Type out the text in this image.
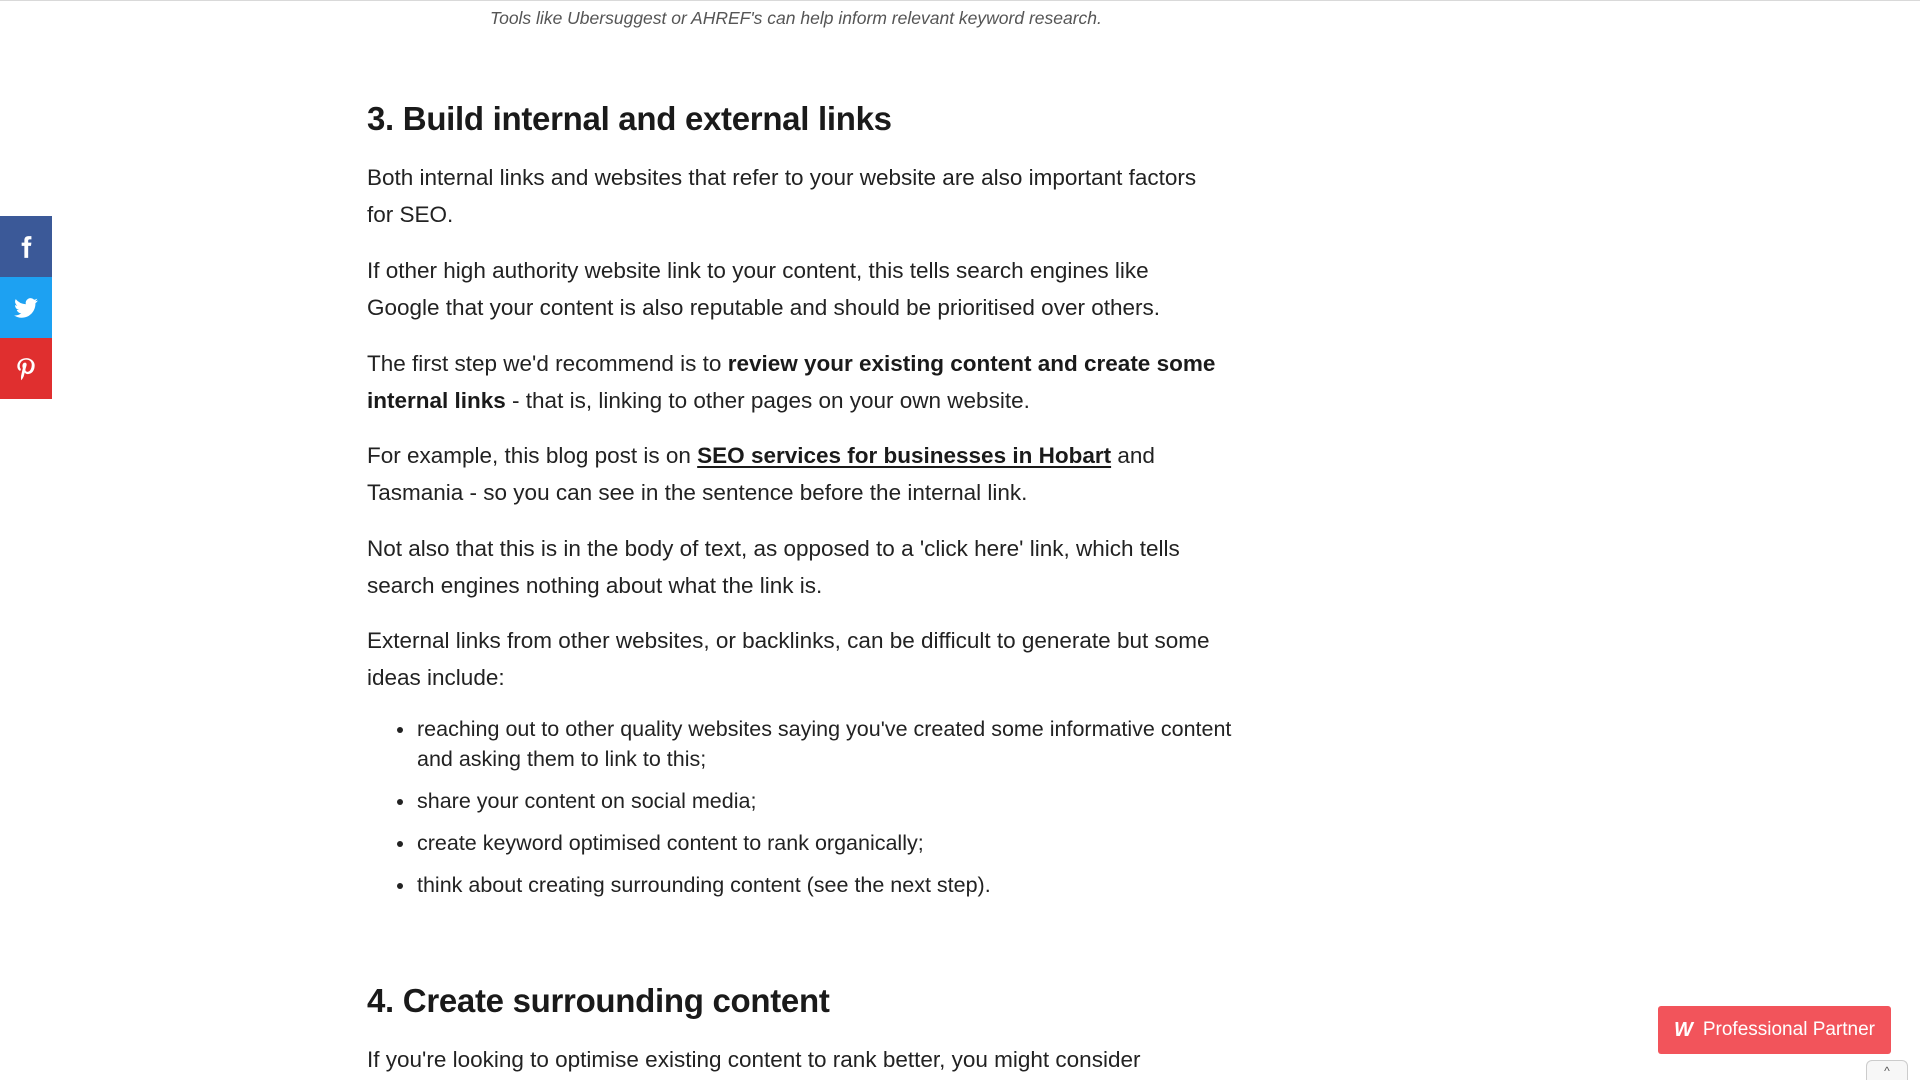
Tools like Ubersuggest or AHREF's can help inform relevant keyword research.
3. Build internal and external links

Both internal links and websites that refer to your website are also important factors for SEO.

If other high authority website link to your content, this tells search engines like Google that your content is also reputable and should be prioritised over others.

The first step we'd recommend is to review your existing content and create some internal links - that is, linking to other pages on your own website.

For example, this blog post is on SEO services for businesses in Hobart and Tasmania - so you can see in the sentence before the internal link.

Not also that this is in the body of text, as opposed to a 'click here' link, which tells search engines nothing about what the link is.

External links from other websites, or backlinks, can be difficult to generate but some ideas include:

reaching out to other quality websites saying you've created some informative content and asking them to link to this;
share your content on social media;
create keyword optimised content to rank organically;
think about creating surrounding content (see the next step).
4. Create surrounding content

If you're looking to optimise existing content to rank better, you might consider

W Professional Partner
^
